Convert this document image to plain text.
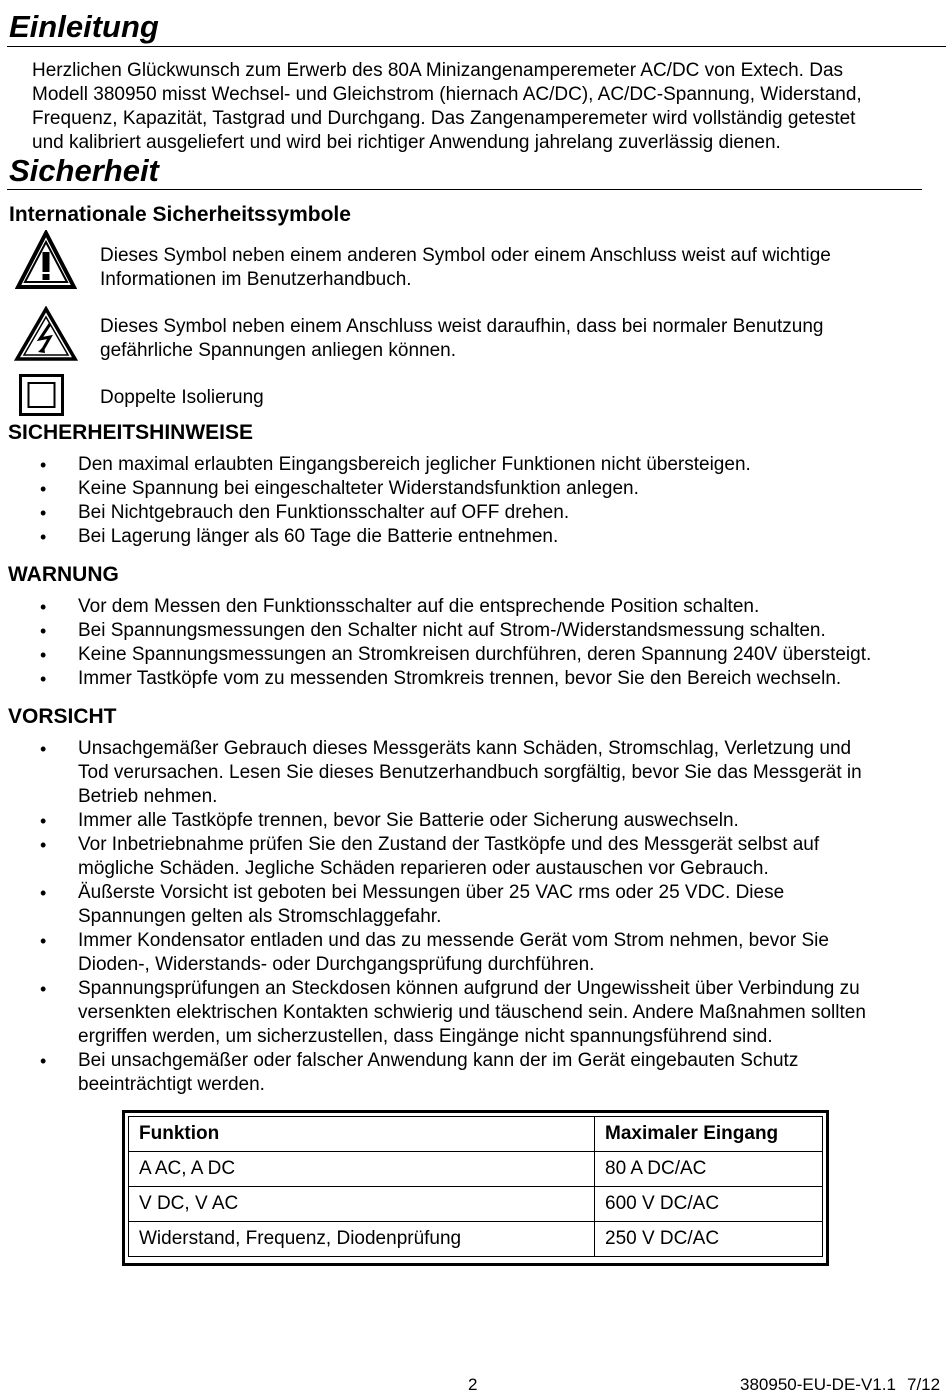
Einleitung
Herzlichen Glückwunsch zum Erwerb des 80A Minizangenamperemeter AC/DC von Extech. Das
Modell 380950 misst Wechsel- und Gleichstrom (hiernach AC/DC), AC/DC-Spannung, Widerstand,
Frequenz, Kapazität, Tastgrad und Durchgang. Das Zangenamperemeter wird vollständig getestet
und kalibriert ausgeliefert und wird bei richtiger Anwendung jahrelang zuverlässig dienen.
Sicherheit
Internationale Sicherheitssymbole
Dieses Symbol neben einem anderen Symbol oder einem Anschluss weist auf wichtige
Informationen im Benutzerhandbuch.
Dieses Symbol neben einem Anschluss weist daraufhin, dass bei normaler Benutzung
gefährliche Spannungen anliegen können.
Doppelte Isolierung
SICHERHEITSHINWEISE
• Den maximal erlaubten Eingangsbereich jeglicher Funktionen nicht übersteigen.
• Keine Spannung bei eingeschalteter Widerstandsfunktion anlegen.
• Bei Nichtgebrauch den Funktionsschalter auf OFF drehen.
• Bei Lagerung länger als 60 Tage die Batterie entnehmen.
WARNUNG
• Vor dem Messen den Funktionsschalter auf die entsprechende Position schalten.
• Bei Spannungsmessungen den Schalter nicht auf Strom-/Widerstandsmessung schalten.
• Keine Spannungsmessungen an Stromkreisen durchführen, deren Spannung 240V übersteigt.
• Immer Tastköpfe vom zu messenden Stromkreis trennen, bevor Sie den Bereich wechseln.
VORSICHT
• Unsachgemäßer Gebrauch dieses Messgeräts kann Schäden, Stromschlag, Verletzung und
Tod verursachen. Lesen Sie dieses Benutzerhandbuch sorgfältig, bevor Sie das Messgerät in
Betrieb nehmen.
• Immer alle Tastköpfe trennen, bevor Sie Batterie oder Sicherung auswechseln.
• Vor Inbetriebnahme prüfen Sie den Zustand der Tastköpfe und des Messgerät selbst auf
mögliche Schäden. Jegliche Schäden reparieren oder austauschen vor Gebrauch.
• Äußerste Vorsicht ist geboten bei Messungen über 25 VAC rms oder 25 VDC. Diese
Spannungen gelten als Stromschlaggefahr.
• Immer Kondensator entladen und das zu messende Gerät vom Strom nehmen, bevor Sie
Dioden-, Widerstands- oder Durchgangsprüfung durchführen.
• Spannungsprüfungen an Steckdosen können aufgrund der Ungewissheit über Verbindung zu
versenkten elektrischen Kontakten schwierig und täuschend sein. Andere Maßnahmen sollten
ergriffen werden, um sicherzustellen, dass Eingänge nicht spannungsführend sind.
• Bei unsachgemäßer oder falscher Anwendung kann der im Gerät eingebauten Schutz
beeinträchtigt werden.
Funktion	Maximaler Eingang
A AC, A DC	80 A DC/AC
V DC, V AC	600 V DC/AC
Widerstand, Frequenz, Diodenprüfung	250 V DC/AC
2	380950-EU-DE-V1.1 7/12
